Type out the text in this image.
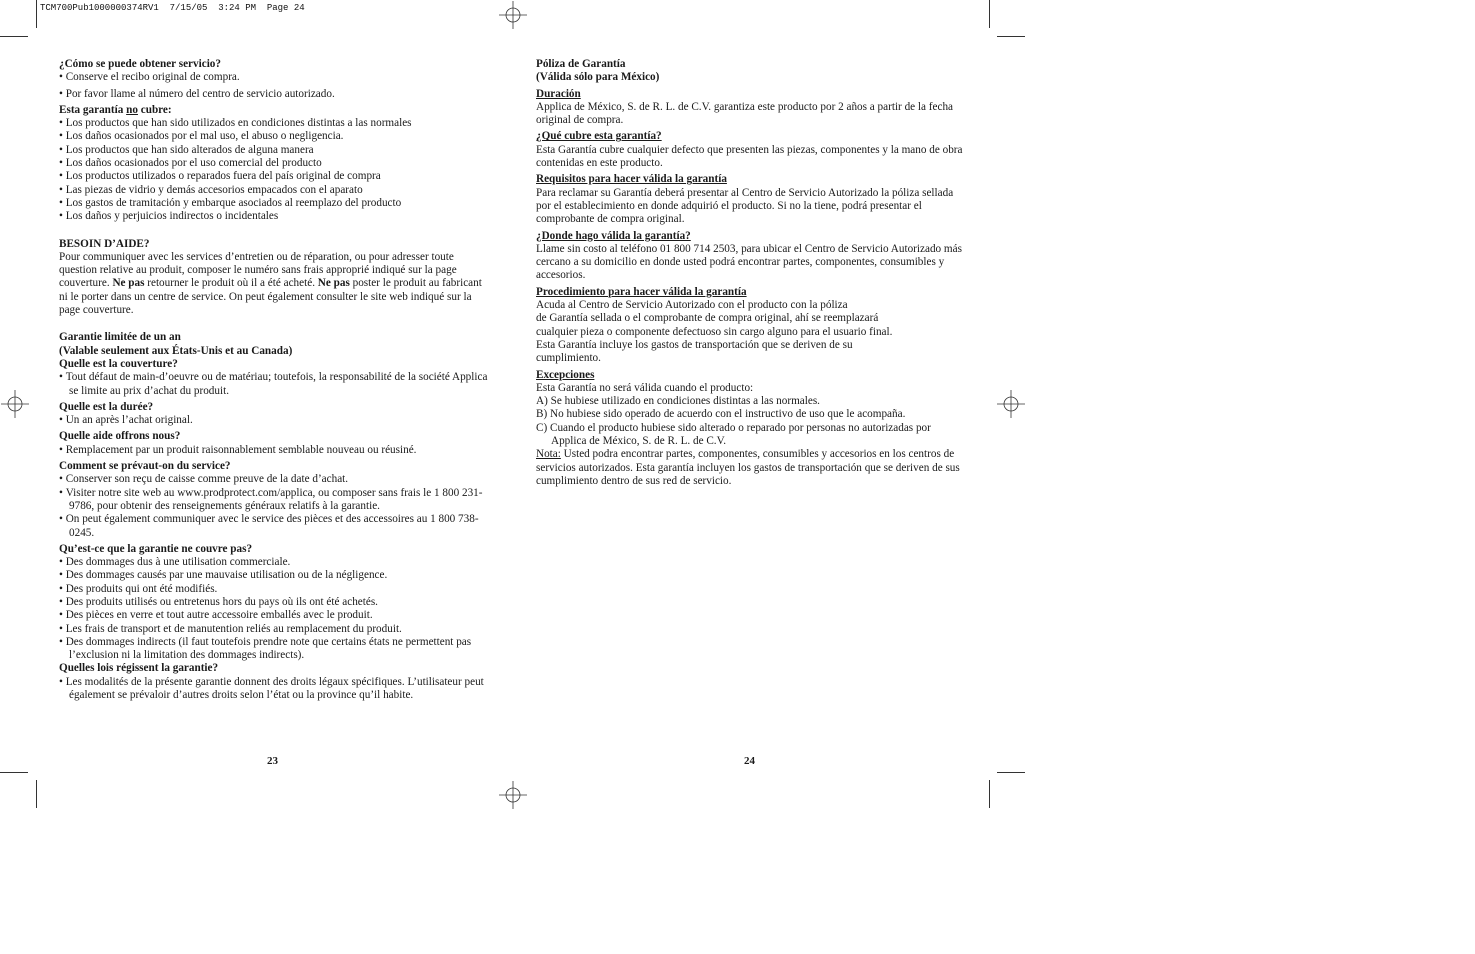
TCM700Pub1000000374RV1  7/15/05  3:24 PM  Page 24

¿Cómo se puede obtener servicio?

• Conserve el recibo original de compra.

• Por favor llame al número del centro de servicio autorizado.

Esta garantía no cubre:

• Los productos que han sido utilizados en condiciones distintas a las normales

• Los daños ocasionados por el mal uso, el abuso o negligencia.

• Los productos que han sido alterados de alguna manera

• Los daños ocasionados por el uso comercial del producto

• Los productos utilizados o reparados fuera del país original de compra

• Las piezas de vidrio y demás accesorios empacados con el aparato

• Los gastos de tramitación y embarque asociados al reemplazo del producto

• Los daños y perjuicios indirectos o incidentales

BESOIN D’AIDE?

Pour communiquer avec les services d’entretien ou de réparation, ou pour adresser toute question relative au produit, composer le numéro sans frais approprié indiqué sur la page couverture. Ne pas retourner le produit où il a été acheté. Ne pas poster le produit au fabricant ni le porter dans un centre de service. On peut également consulter le site web indiqué sur la page couverture.

Garantie limitée de un an

(Valable seulement aux États-Unis et au Canada)

Quelle est la couverture?

• Tout défaut de main-d’oeuvre ou de matériau; toutefois, la responsabilité de la société Applica se limite au prix d’achat du produit.

Quelle est la durée?

• Un an après l’achat original.

Quelle aide offrons nous?

• Remplacement par un produit raisonnablement semblable nouveau ou réusiné.

Comment se prévaut-on du service?

• Conserver son reçu de caisse comme preuve de la date d’achat.

• Visiter notre site web au www.prodprotect.com/applica, ou composer sans frais le 1 800 231-9786, pour obtenir des renseignements généraux relatifs à la garantie.

• On peut également communiquer avec le service des pièces et des accessoires au 1 800 738-0245.

Qu’est-ce que la garantie ne couvre pas?

• Des dommages dus à une utilisation commerciale.

• Des dommages causés par une mauvaise utilisation ou de la négligence.

• Des produits qui ont été modifiés.

• Des produits utilisés ou entretenus hors du pays où ils ont été achetés.

• Des pièces en verre et tout autre accessoire emballés avec le produit.

• Les frais de transport et de manutention reliés au remplacement du produit.

• Des dommages indirects (il faut toutefois prendre note que certains états ne permettent pas l’exclusion ni la limitation des dommages indirects).

Quelles lois régissent la garantie?

• Les modalités de la présente garantie donnent des droits légaux spécifiques. L’utilisateur peut également se prévaloir d’autres droits selon l’état ou la province qu’il habite.

23

Póliza de Garantía

(Válida sólo para México)

Duración

Applica de México, S. de R. L. de C.V. garantiza este producto por 2 años a partir de la fecha original de compra.

¿Qué cubre esta garantía?

Esta Garantía cubre cualquier defecto que presenten las piezas, componentes y la mano de obra contenidas en este producto.

Requisitos para hacer válida la garantía

Para reclamar su Garantía deberá presentar al Centro de Servicio Autorizado la póliza sellada por el establecimiento en donde adquirió el producto. Si no la tiene, podrá presentar el comprobante de compra original.

¿Donde hago válida la garantía?

Llame sin costo al teléfono 01 800 714 2503, para ubicar el Centro de Servicio Autorizado más cercano a su domicilio en donde usted podrá encontrar partes, componentes, consumibles y accesorios.

Procedimiento para hacer válida la garantía

Acuda al Centro de Servicio Autorizado con el producto con la póliza

de Garantía sellada o el comprobante de compra original, ahí se reemplazará

cualquier pieza o componente defectuoso sin cargo alguno para el usuario final.

Esta Garantía incluye los gastos de transportación que se deriven de su

cumplimiento.

Excepciones

Esta Garantía no será válida cuando el producto:

A) Se hubiese utilizado en condiciones distintas a las normales.

B) No hubiese sido operado de acuerdo con el instructivo de uso que le acompaña.

C) Cuando el producto hubiese sido alterado o reparado por personas no autorizadas por Applica de México, S. de R. L. de C.V.

Nota: Usted podra encontrar partes, componentes, consumibles y accesorios en los centros de servicios autorizados. Esta garantía incluyen los gastos de transportación que se deriven de sus cumplimiento dentro de sus red de servicio.

24
